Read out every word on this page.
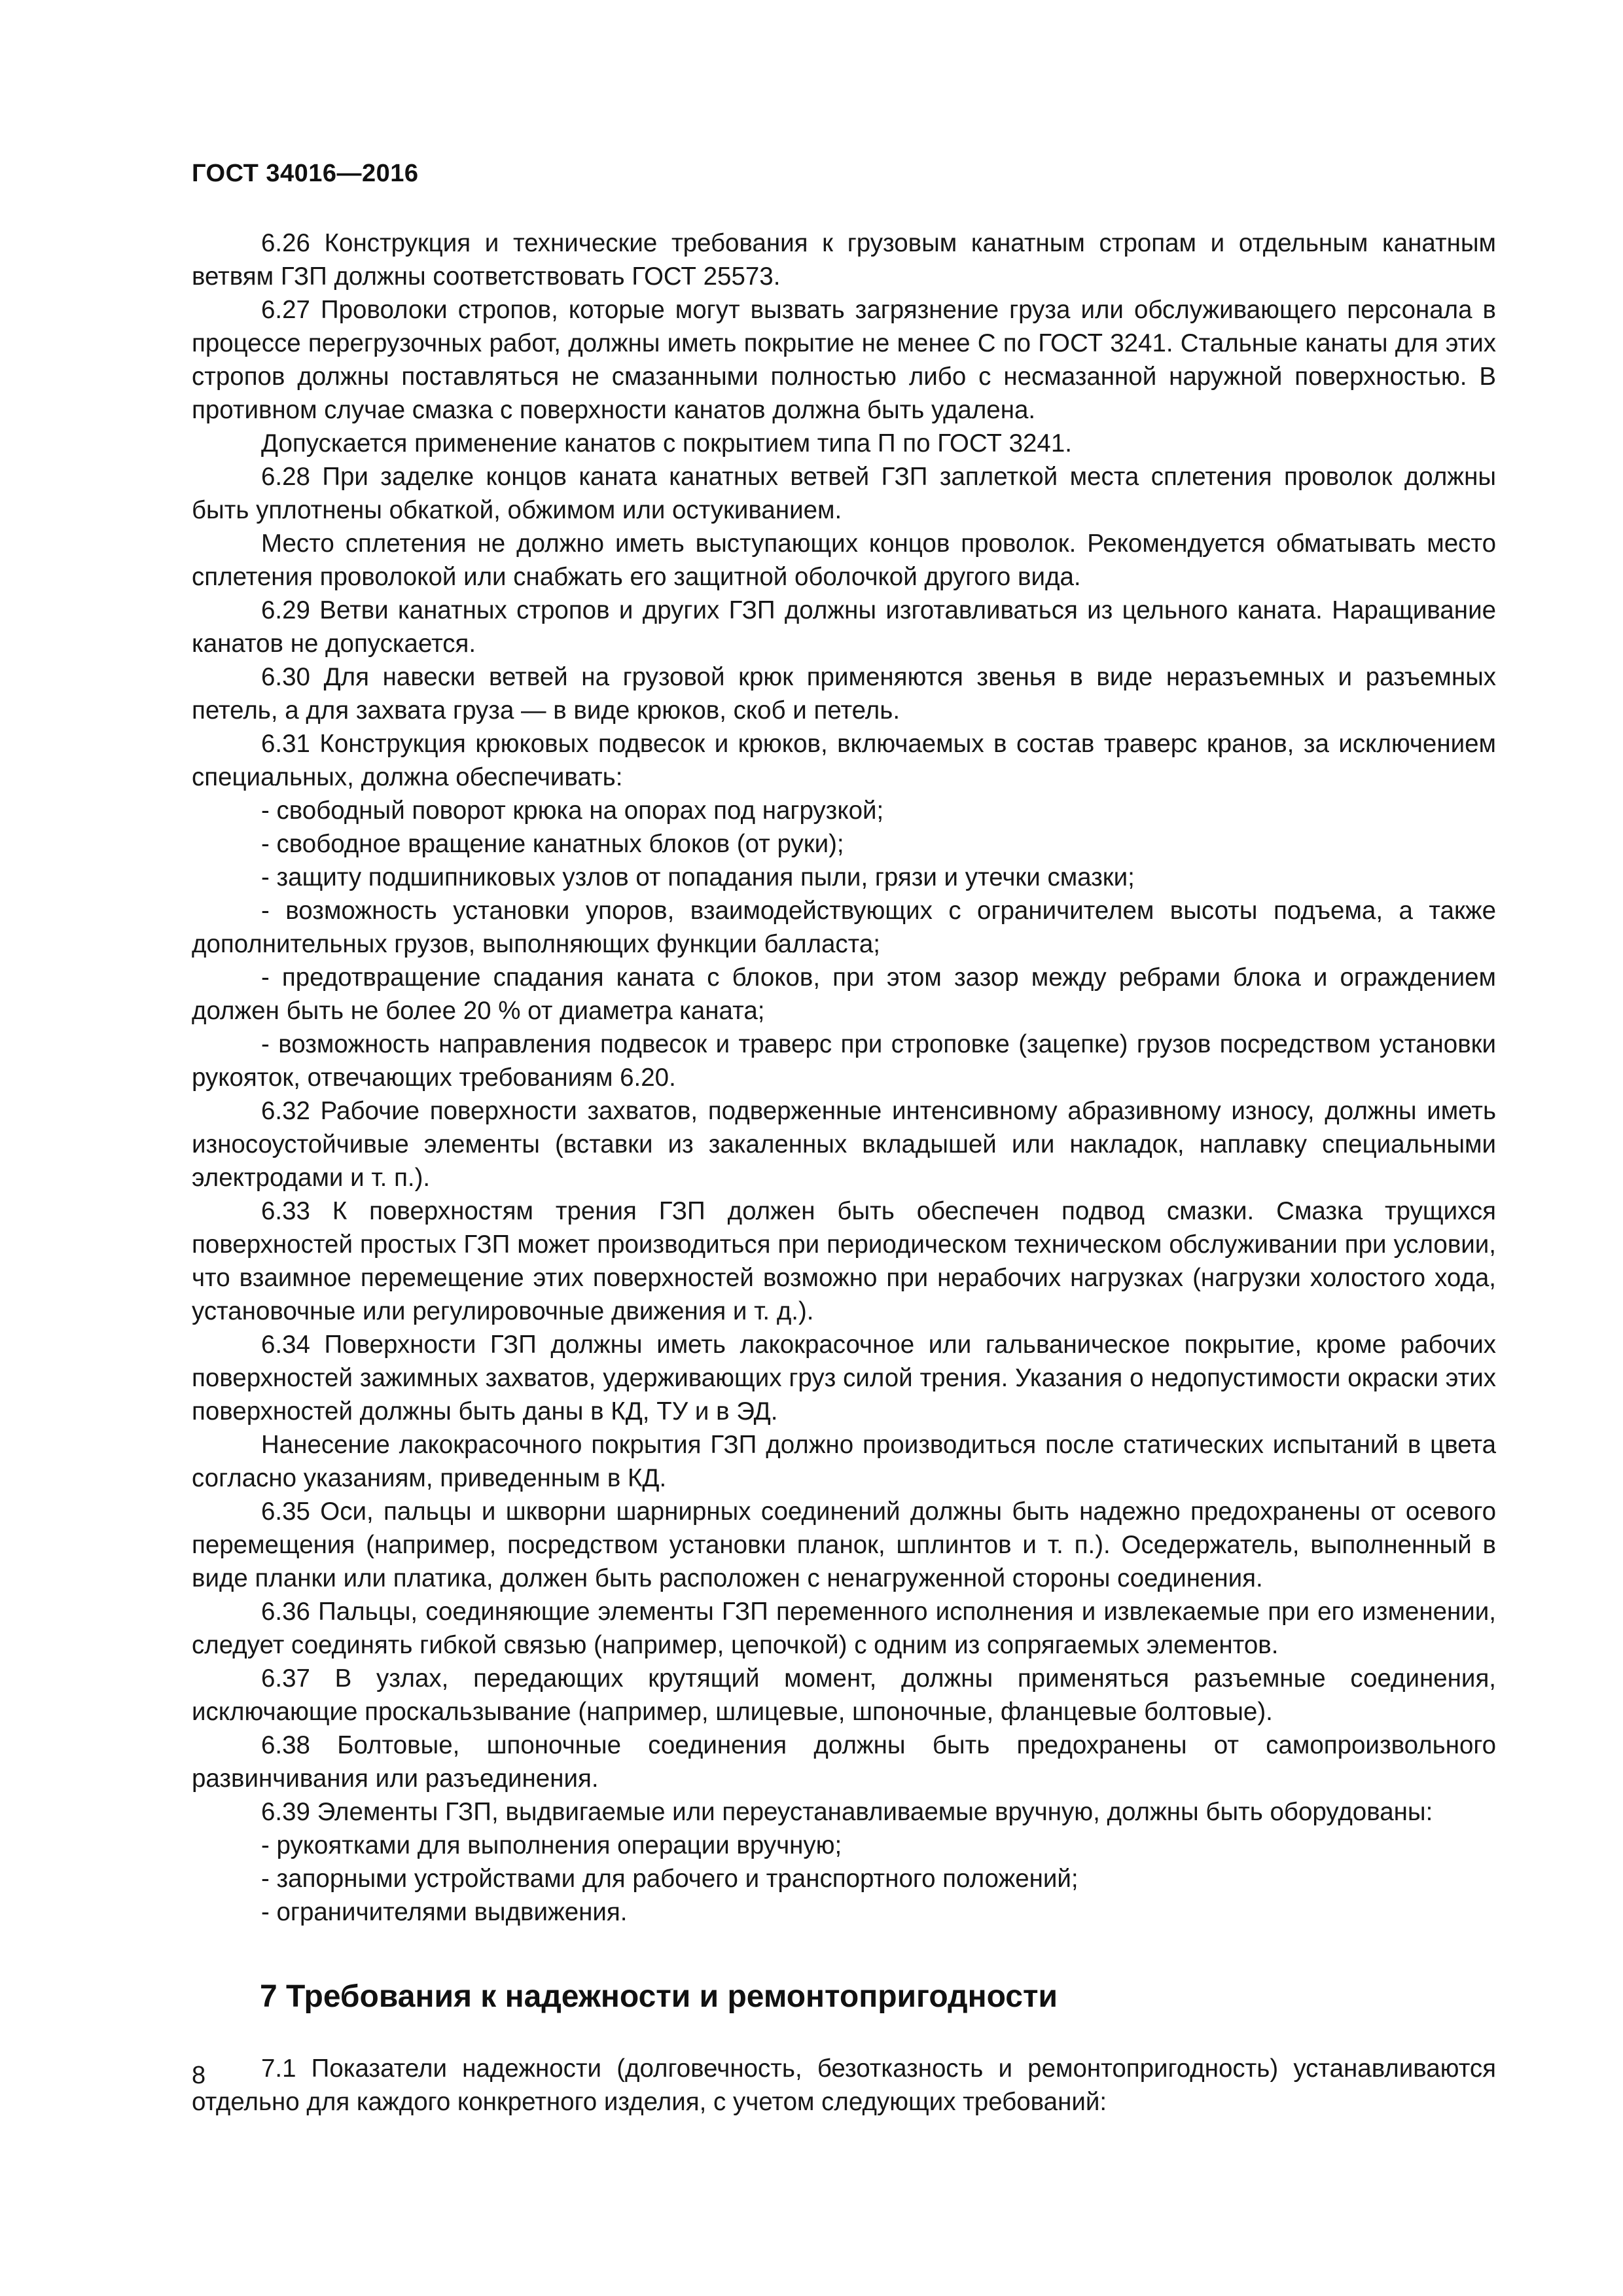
ГОСТ 34016—2016

6.26 Конструкция и технические требования к грузовым канатным стропам и отдельным канатным ветвям ГЗП должны соответствовать ГОСТ 25573.

6.27 Проволоки стропов, которые могут вызвать загрязнение груза или обслуживающего персонала в процессе перегрузочных работ, должны иметь покрытие не менее С по ГОСТ 3241. Стальные канаты для этих стропов должны поставляться не смазанными полностью либо с несмазанной наружной поверхностью. В противном случае смазка с поверхности канатов должна быть удалена.

Допускается применение канатов с покрытием типа П по ГОСТ 3241.

6.28 При заделке концов каната канатных ветвей ГЗП заплеткой места сплетения проволок должны быть уплотнены обкаткой, обжимом или остукиванием.

Место сплетения не должно иметь выступающих концов проволок. Рекомендуется обматывать место сплетения проволокой или снабжать его защитной оболочкой другого вида.

6.29 Ветви канатных стропов и других ГЗП должны изготавливаться из цельного каната. Наращивание канатов не допускается.

6.30 Для навески ветвей на грузовой крюк применяются звенья в виде неразъемных и разъемных петель, а для захвата груза — в виде крюков, скоб и петель.

6.31 Конструкция крюковых подвесок и крюков, включаемых в состав траверс кранов, за исключением специальных, должна обеспечивать:

- свободный поворот крюка на опорах под нагрузкой;

- свободное вращение канатных блоков (от руки);

- защиту подшипниковых узлов от попадания пыли, грязи и утечки смазки;

- возможность установки упоров, взаимодействующих с ограничителем высоты подъема, а также дополнительных грузов, выполняющих функции балласта;

- предотвращение спадания каната с блоков, при этом зазор между ребрами блока и ограждением должен быть не более 20 % от диаметра каната;

- возможность направления подвесок и траверс при строповке (зацепке) грузов посредством установки рукояток, отвечающих требованиям 6.20.

6.32 Рабочие поверхности захватов, подверженные интенсивному абразивному износу, должны иметь износоустойчивые элементы (вставки из закаленных вкладышей или накладок, наплавку специальными электродами и т. п.).

6.33 К поверхностям трения ГЗП должен быть обеспечен подвод смазки. Смазка трущихся поверхностей простых ГЗП может производиться при периодическом техническом обслуживании при условии, что взаимное перемещение этих поверхностей возможно при нерабочих нагрузках (нагрузки холостого хода, установочные или регулировочные движения и т. д.).

6.34 Поверхности ГЗП должны иметь лакокрасочное или гальваническое покрытие, кроме рабочих поверхностей зажимных захватов, удерживающих груз силой трения. Указания о недопустимости окраски этих поверхностей должны быть даны в КД, ТУ и в ЭД.

Нанесение лакокрасочного покрытия ГЗП должно производиться после статических испытаний в цвета согласно указаниям, приведенным в КД.

6.35 Оси, пальцы и шкворни шарнирных соединений должны быть надежно предохранены от осевого перемещения (например, посредством установки планок, шплинтов и т. п.). Оседержатель, выполненный в виде планки или платика, должен быть расположен с ненагруженной стороны соединения.

6.36 Пальцы, соединяющие элементы ГЗП переменного исполнения и извлекаемые при его изменении, следует соединять гибкой связью (например, цепочкой) с одним из сопрягаемых элементов.

6.37 В узлах, передающих крутящий момент, должны применяться разъемные соединения, исключающие проскальзывание (например, шлицевые, шпоночные, фланцевые болтовые).

6.38 Болтовые, шпоночные соединения должны быть предохранены от самопроизвольного развинчивания или разъединения.

6.39 Элементы ГЗП, выдвигаемые или переустанавливаемые вручную, должны быть оборудованы:

- рукоятками для выполнения операции вручную;

- запорными устройствами для рабочего и транспортного положений;

- ограничителями выдвижения.

7 Требования к надежности и ремонтопригодности

7.1 Показатели надежности (долговечность, безотказность и ремонтопригодность) устанавливаются отдельно для каждого конкретного изделия, с учетом следующих требований:

8
